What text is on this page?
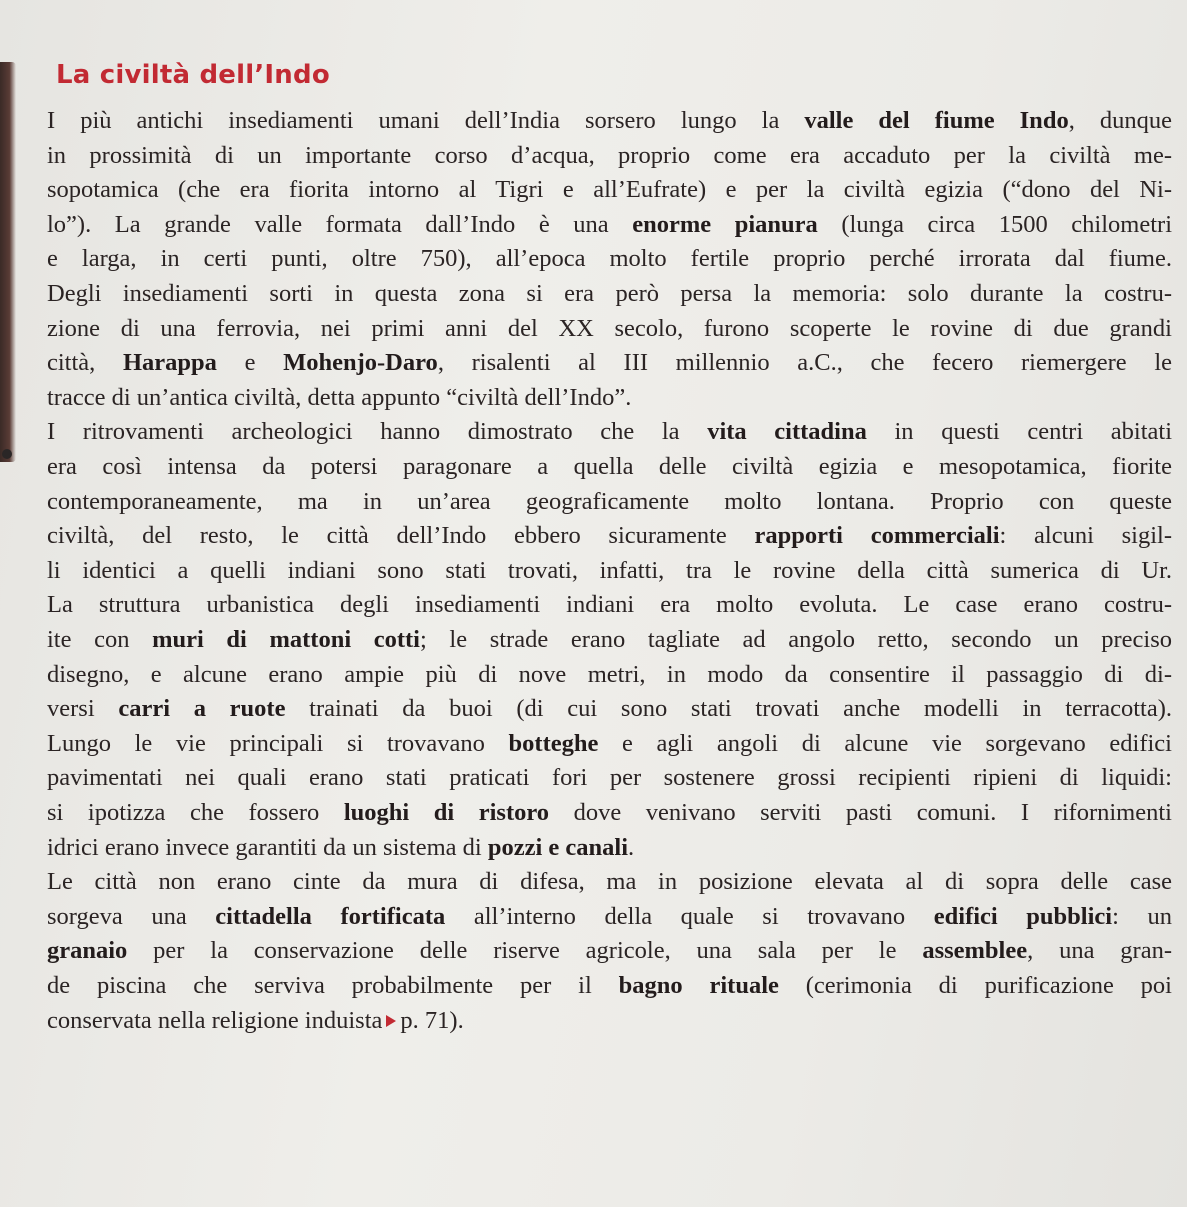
La civiltà dell’Indo

I più antichi insediamenti umani dell’India sorsero lungo la valle del fiume Indo, dunque

in prossimità di un importante corso d’acqua, proprio come era accaduto per la civiltà me-

sopotamica (che era fiorita intorno al Tigri e all’Eufrate) e per la civiltà egizia (“dono del Ni-

lo”). La grande valle formata dall’Indo è una enorme pianura (lunga circa 1500 chilometri

e larga, in certi punti, oltre 750), all’epoca molto fertile proprio perché irrorata dal fiume.

Degli insediamenti sorti in questa zona si era però persa la memoria: solo durante la costru-

zione di una ferrovia, nei primi anni del XX secolo, furono scoperte le rovine di due grandi

città, Harappa e Mohenjo-Daro, risalenti al III millennio a.C., che fecero riemergere le

tracce di un’antica civiltà, detta appunto “civiltà dell’Indo”.

I ritrovamenti archeologici hanno dimostrato che la vita cittadina in questi centri abitati

era così intensa da potersi paragonare a quella delle civiltà egizia e mesopotamica, fiorite

contemporaneamente, ma in un’area geograficamente molto lontana. Proprio con queste

civiltà, del resto, le città dell’Indo ebbero sicuramente rapporti commerciali: alcuni sigil-

li identici a quelli indiani sono stati trovati, infatti, tra le rovine della città sumerica di Ur.

La struttura urbanistica degli insediamenti indiani era molto evoluta. Le case erano costru-

ite con muri di mattoni cotti; le strade erano tagliate ad angolo retto, secondo un preciso

disegno, e alcune erano ampie più di nove metri, in modo da consentire il passaggio di di-

versi carri a ruote trainati da buoi (di cui sono stati trovati anche modelli in terracotta).

Lungo le vie principali si trovavano botteghe e agli angoli di alcune vie sorgevano edifici

pavimentati nei quali erano stati praticati fori per sostenere grossi recipienti ripieni di liquidi:

si ipotizza che fossero luoghi di ristoro dove venivano serviti pasti comuni. I rifornimenti

idrici erano invece garantiti da un sistema di pozzi e canali.

Le città non erano cinte da mura di difesa, ma in posizione elevata al di sopra delle case

sorgeva una cittadella fortificata all’interno della quale si trovavano edifici pubblici: un

granaio per la conservazione delle riserve agricole, una sala per le assemblee, una gran-

de piscina che serviva probabilmente per il bagno rituale (cerimonia di purificazione poi

conservata nella religione induista p. 71).
